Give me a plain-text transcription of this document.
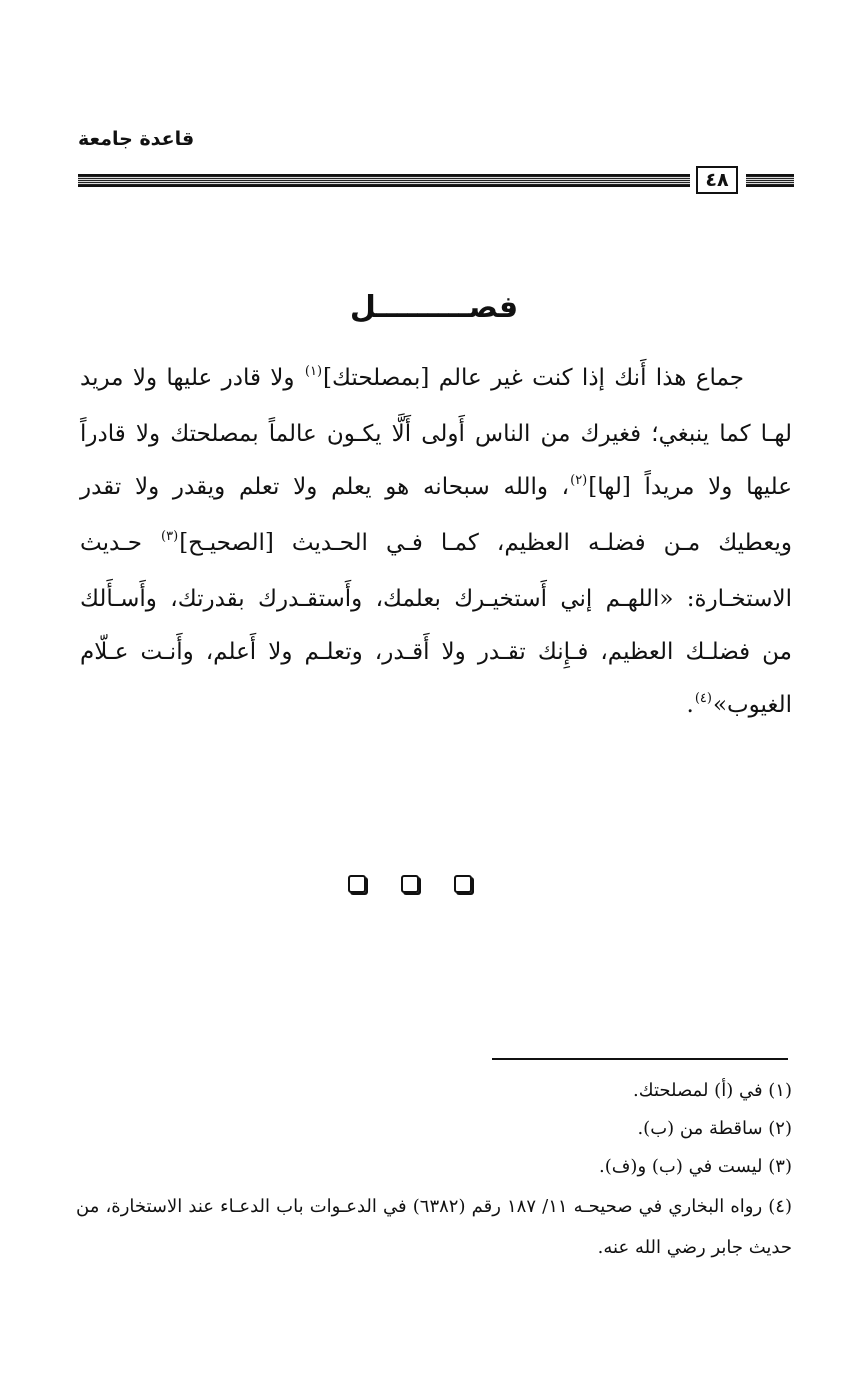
قاعدة جامعة
٤٨
فصـــــــــل
جماع هذا أَنك إذا كنت غير عالم [بمصلحتك]$^{(١)}$ ولا قادر عليها ولا مريد لهـا كما ينبغي؛ فغيرك من الناس أَولى أَلَّا يكـون عالماً بمصلحتك ولا قادراً عليها ولا مريداً [لها]$^{(٢)}$، والله سبحانه هو يعلم ولا تعلم ويقدر ولا تقدر ويعطيك مـن فضلـه العظيم، كمـا فـي الحـديث [الصحيـح]$^{(٣)}$ حـديث الاستخـارة: «اللهـم إني أَستخيـرك بعلمك، وأَستقـدرك بقدرتك، وأَسـأَلك من فضلـك العظيم، فـإِنك تقـدر ولا أَقـدر، وتعلـم ولا أَعلم، وأَنـت عـلّام الغيوب»$^{(٤)}$.

(١) في (أ) لمصلحتك.

(٢) ساقطة من (ب).

(٣) ليست في (ب) و(ف).

(٤) رواه البخاري في صحيحـه ١١/ ١٨٧ رقم (٦٣٨٢) في الدعـوات باب الدعـاء عند الاستخارة، من حديث جابر رضي الله عنه.
